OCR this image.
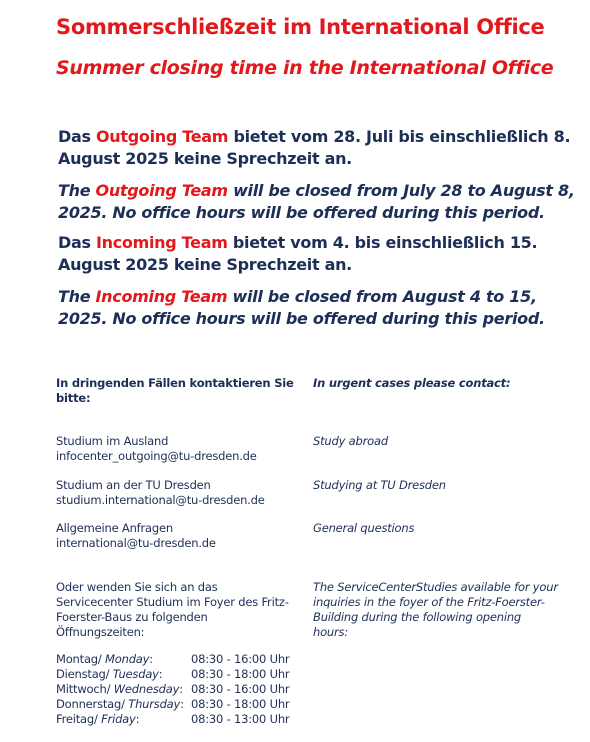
Sommerschließzeit im International Office
Summer closing time in the International Office
Das Outgoing Team bietet vom 28. Juli bis einschließlich 8. August 2025 keine Sprechzeit an.
The Outgoing Team will be closed from July 28 to August 8, 2025. No office hours will be offered during this period.
Das Incoming Team bietet vom 4. bis einschließlich 15. August 2025 keine Sprechzeit an.
The Incoming Team will be closed from August 4 to 15, 2025. No office hours will be offered during this period.
In dringenden Fällen kontaktieren Sie bitte:
In urgent cases please contact:
Studium im Ausland
infocenter_outgoing@tu-dresden.de
Study abroad
Studium an der TU Dresden
studium.international@tu-dresden.de
Studying at TU Dresden
Allgemeine Anfragen
international@tu-dresden.de
General questions
Oder wenden Sie sich an das Servicecenter Studium im Foyer des Fritz-Foerster-Baus zu folgenden Öffnungszeiten:
The ServiceCenterStudies available for your inquiries in the foyer of the Fritz-Foerster-Building during the following opening hours:
Montag/ Monday:	08:30 - 16:00 Uhr
Dienstag/ Tuesday:	08:30 - 18:00 Uhr
Mittwoch/ Wednesday: 08:30 - 16:00 Uhr
Donnerstag/ Thursday: 08:30 - 18:00 Uhr
Freitag/ Friday:	08:30 - 13:00 Uhr
